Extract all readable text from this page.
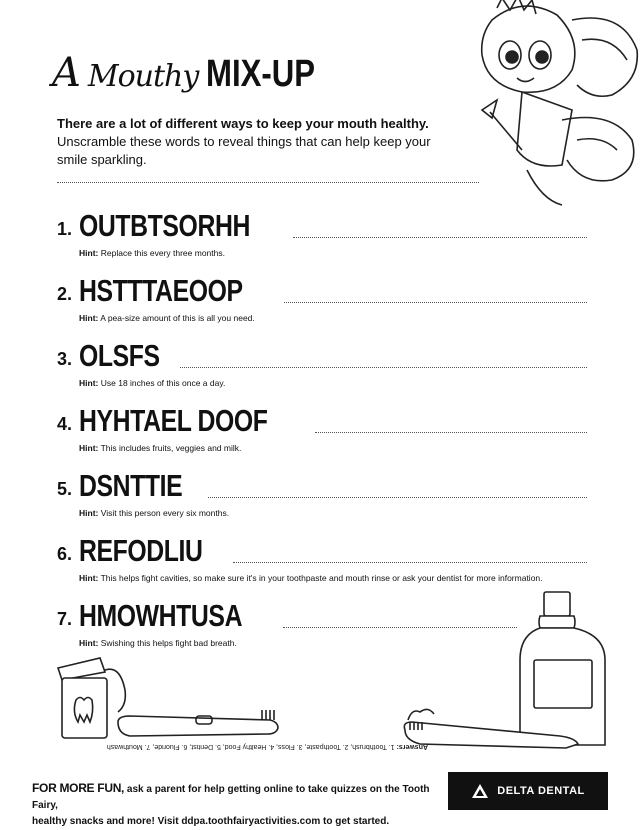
A Mouthy MIX-UP
There are a lot of different ways to keep your mouth healthy. Unscramble these words to reveal things that can help keep your smile sparkling.
1. OUTBTSORHH
Hint: Replace this every three months.
2. HSTTTAEOOP
Hint: A pea-size amount of this is all you need.
3. OLSFS
Hint: Use 18 inches of this once a day.
4. HYHTAEL DOOF
Hint: This includes fruits, veggies and milk.
5. DSNTTIE
Hint: Visit this person every six months.
6. REFODLIU
Hint: This helps fight cavities, so make sure it's in your toothpaste and mouth rinse or ask your dentist for more information.
7. HMOWHTUSA
Hint: Swishing this helps fight bad breath.
Answers: 1. Toothbrush, 2. Toothpaste, 3. Floss, 4. Healthy Food, 5. Dentist, 6. Fluoride, 7. Mouthwash
FOR MORE FUN, ask a parent for help getting online to take quizzes on the Tooth Fairy,
healthy snacks and more! Visit ddpa.toothfairyactivities.com to get started.
DELTA DENTAL
